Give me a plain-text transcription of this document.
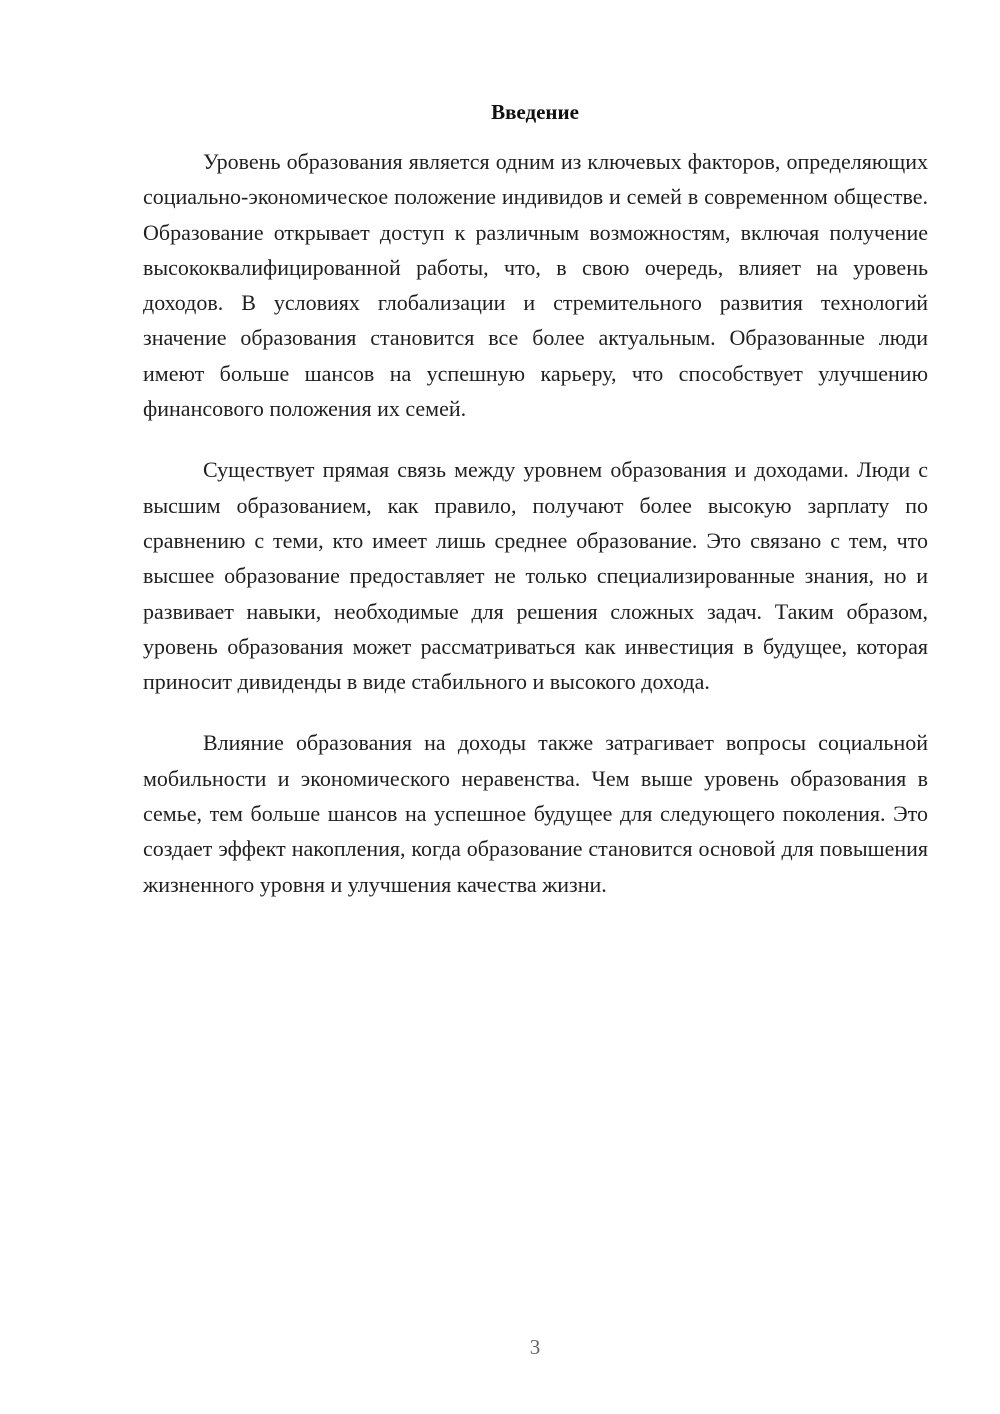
Введение

Уровень образования является одним из ключевых факторов, определяющих социально-экономическое положение индивидов и семей в современном обществе. Образование открывает доступ к различным возможностям, включая получение высококвалифицированной работы, что, в свою очередь, влияет на уровень доходов. В условиях глобализации и стремительного развития технологий значение образования становится все более актуальным. Образованные люди имеют больше шансов на успешную карьеру, что способствует улучшению финансового положения их семей.

Существует прямая связь между уровнем образования и доходами. Люди с высшим образованием, как правило, получают более высокую зарплату по сравнению с теми, кто имеет лишь среднее образование. Это связано с тем, что высшее образование предоставляет не только специализированные знания, но и развивает навыки, необходимые для решения сложных задач. Таким образом, уровень образования может рассматриваться как инвестиция в будущее, которая приносит дивиденды в виде стабильного и высокого дохода.

Влияние образования на доходы также затрагивает вопросы социальной мобильности и экономического неравенства. Чем выше уровень образования в семье, тем больше шансов на успешное будущее для следующего поколения. Это создает эффект накопления, когда образование становится основой для повышения жизненного уровня и улучшения качества жизни.

3
